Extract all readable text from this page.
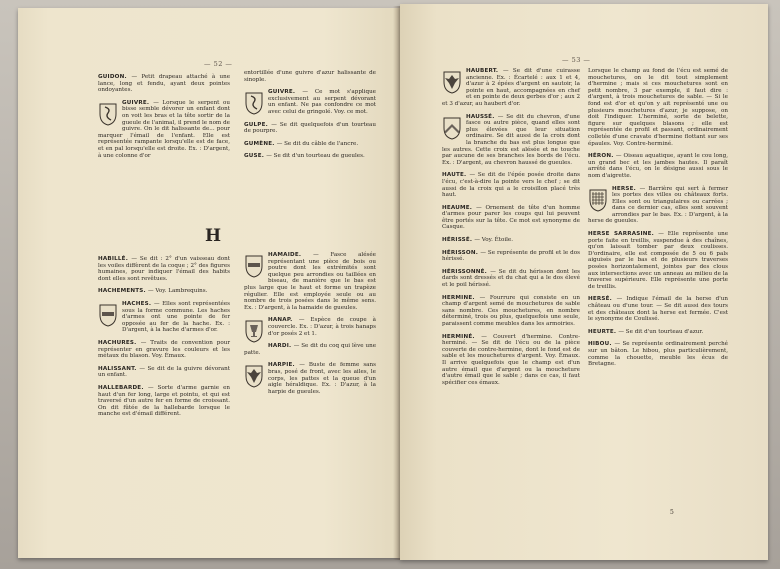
— 52 —

GUIDON. — Petit drapeau attaché à une lance, long et fendu, ayant deux pointes ondoyantes.

GUIVRE. — Lorsque le serpent ou bisse semble dévorer un enfant dont on voit les bras et la tête sortir de la gueule de l'animal, il prend le nom de guivre. On le dit halissante de... pour marquer l'émail de l'enfant. Elle est représentée rampante lorsqu'elle est de face, et en pal lorsqu'elle est droite. Ex. : D'argent, à une colonne d'or

entortillée d'une guivre d'azur halissante de sinople.

GUIVRE. — Ce mot s'applique exclusivement au serpent dévorant un enfant. Ne pas confondre ce mot avec celui de gringolé. Voy. ce mot.

GULPE. — Se dit quelquefois d'un tourteau de pourpre.

GUMÈNE. — Se dit du câble de l'ancre.

GUSE. — Se dit d'un tourteau de gueules.

H

HABILLÉ. — Se dit : 2° d'un vaisseau dont les voiles diffèrent de la coque ; 2° des figures humaines, pour indiquer l'émail des habits dont elles sont revêtues.

HACHEMENTS. — Voy. Lambrequins.

HACHES. — Elles sont représentées sous la forme commune. Les haches d'armes ont une pointe de fer opposée au fer de la hache. Ex. : D'argent, à la hache d'armes d'or.

HACHURES. — Traits de convention pour représenter en gravure les couleurs et les métaux du blason. Voy. Émaux.

HALISSANT. — Se dit de la guivre dévorant un enfant.

HALLEBARDE. — Sorte d'arme garnie en haut d'un fer long, large et pointu, et qui est traversé d'un autre fer en forme de croissant. On dit fûtée de la hallebarde lorsque le manche est d'émail différent.

HAMAIDE. — Fasce alésée représentant une pièce de bois ou poutre dont les extrémités sont quelque peu arrondies ou taillées en biseau, de manière que le bas est plus large que le haut et forme un trapèze régulier. Elle est employée seule ou au nombre de trois posées dans le même sens. Ex. : D'argent, à la hamaide de gueules.

HANAP. — Espèce de coupe à couvercle. Ex. : D'azur, à trois hanaps d'or posés 2 et 1.

HARDI. — Se dit du coq qui lève une patte.

HARPIE. — Buste de femme sans bras, posé de front, avec les ailes, le corps, les pattes et la queue d'un aigle héraldique. Ex. : D'azur, à la harpie de gueules.

— 53 —

HAUBERT. — Se dit d'une cuirasse ancienne. Ex. : Écartelé : aux 1 et 4, d'azur à 2 épées d'argent en sautoir, la pointe en haut, accompagnées en chef et en pointe de deux gerbes d'or ; aux 2 et 3 d'azur, au haubert d'or.

HAUSSÉ. — Se dit du chevron, d'une fasce ou autre pièce, quand elles sont plus élevées que leur situation ordinaire. Se dit aussi de la croix dont la branche du bas est plus longue que les autres. Cette croix est alésée et ne touche par aucune de ses branches les bords de l'écu. Ex. : D'argent, au chevron haussé de gueules.

HAUTE. — Se dit de l'épée posée droite dans l'écu, c'est-à-dire la pointe vers le chef ; se dit aussi de la croix qui a le croisillon placé très haut.

HEAUME. — Ornement de tête d'un homme d'armes pour parer les coups qui lui peuvent être portés sur la tête. Ce mot est synonyme de Casque.

HÉRISSÉ. — Voy. Étoile.

HÉRISSON. — Se représente de profil et le dos hérissé.

HÉRISSONNÉ. — Se dit du hérisson dont les dards sont dressés et du chat qui a le dos élevé et le poil hérissé.

HERMINE. — Fourrure qui consiste en un champ d'argent semé de mouchetures de sable sans nombre. Ces mouchetures, en nombre déterminé, trois ou plus, quelquefois une seule, paraissent comme meubles dans les armoiries.

HERMINÉ. — Couvert d'hermine. Contre-herminé. — Se dit de l'écu ou de la pièce couverte de contre-hermine, dont le fond est de sable et les mouchetures d'argent. Voy. Émaux. Il arrive quelquefois que le champ est d'un autre émail que d'argent ou la moucheture d'autre émail que le sable ; dans ce cas, il faut spécifier ces émaux.

Lorsque le champ au fond de l'écu est semé de mouchetures, on le dit tout simplement d'hermine ; mais si ces mouchetures sont en petit nombre, 3 par exemple, il faut dire : d'argent, à trois mouchetures de sable. — Si le fond est d'or et qu'on y ait représenté une ou plusieurs mouchetures d'azur, je suppose, on doit l'indiquer. L'herminé, sorte de belette, figure sur quelques blasons ; elle est représentée de profil et passant, ordinairement colletée d'une cravate d'hermine flottant sur ses épaules. Voy. Contre-herminé.

HÉRON. — Oiseau aquatique, ayant le cou long, un grand bec et les jambes hautes. Il paraît arrêté dans l'écu, on le désigne aussi sous le nom d'aigrette.

HERSE. — Barrière qui sert à fermer les portes des villes ou châteaux forts. Elles sont ou triangulaires ou carrées ; dans ce dernier cas, elles sont souvent arrondies par le bas. Ex. : D'argent, à la herse de gueules.

HERSE SARRASINE. — Elle représente une porte faite en treillis, suspendue à des chaînes, qu'on laissait tomber par deux coulisses. D'ordinaire, elle est composée de 5 ou 6 pals aiguisés par le bas et de plusieurs traverses posées horizontalement, jointes par des clous aux intersections avec un anneau au milieu de la traverse supérieure. Elle représente une porte de treillis.

HERSÉ. — Indique l'émail de la herse d'un château ou d'une tour. — Se dit aussi des tours et des châteaux dont la herse est fermée. C'est le synonyme de Coulissé.

HEURTE. — Se dit d'un tourteau d'azur.

HIBOU. — Se représente ordinairement perché sur un bâton. Le hibou, plus particulièrement, comme la chouette, meuble les écus de Bretagne.

5
